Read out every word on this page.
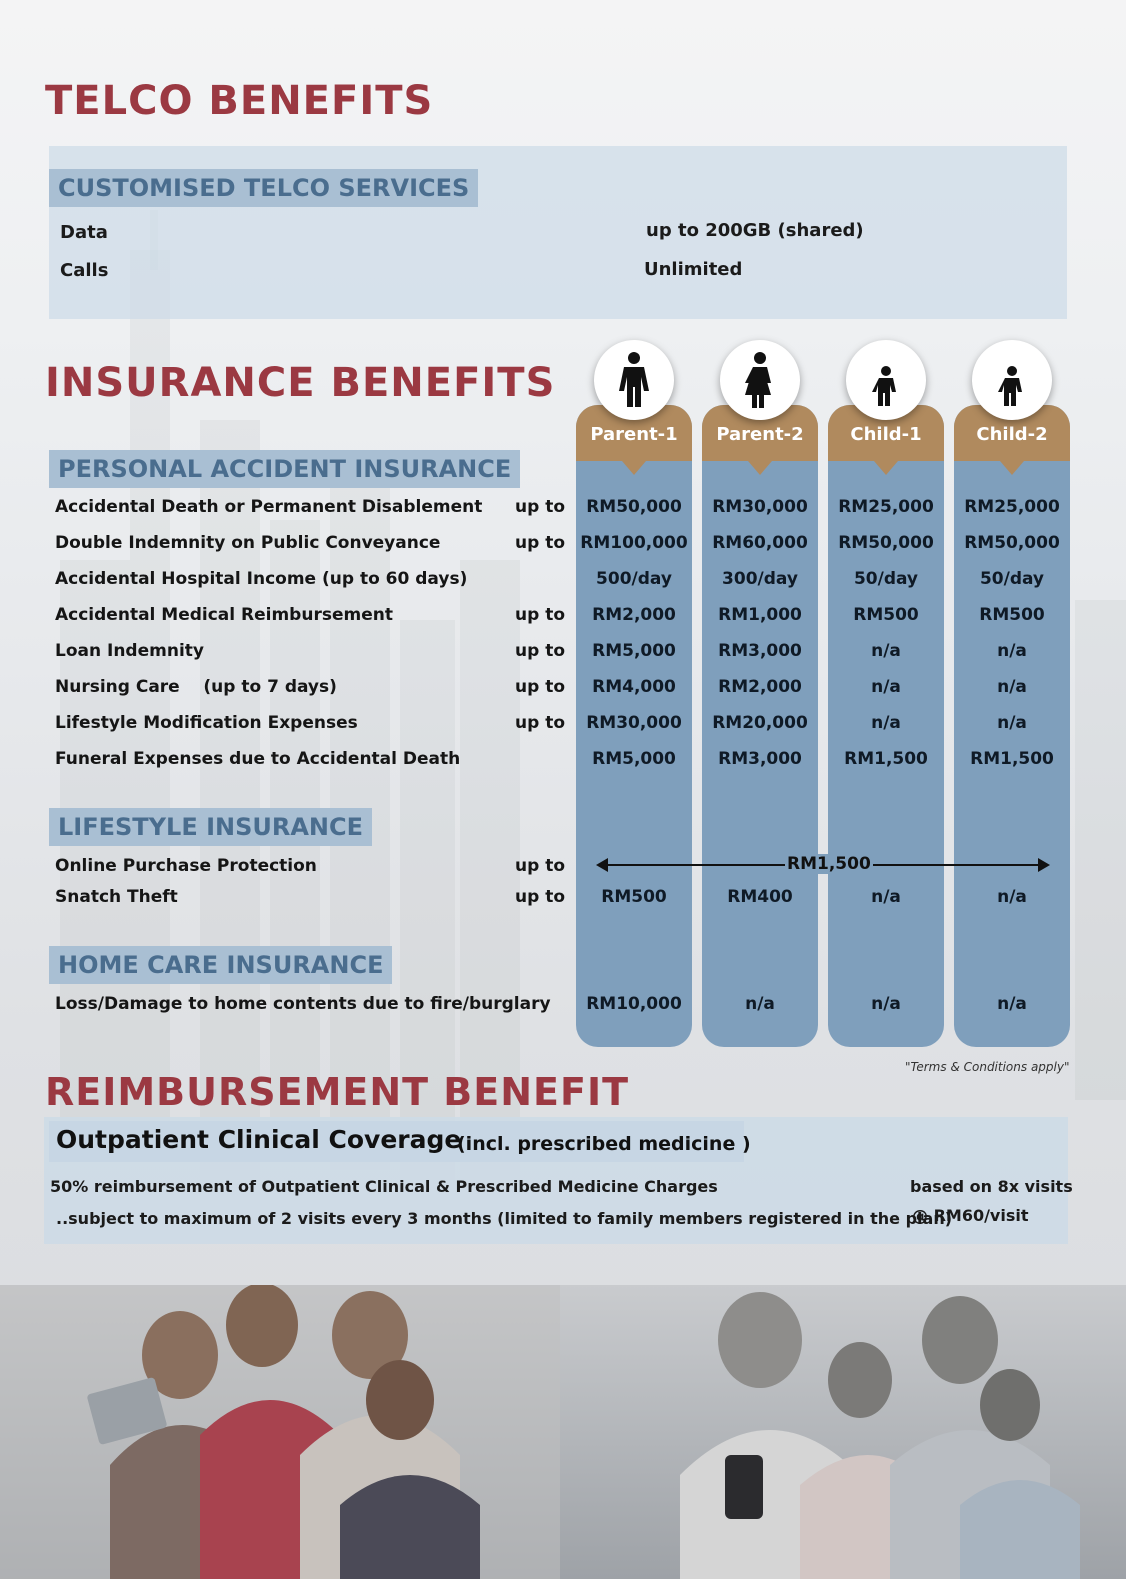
TELCO BENEFITS
CUSTOMISED TELCO SERVICES
Data	up to 200GB (shared)
Calls	Unlimited
INSURANCE BENEFITS
Parent-1	Parent-2	Child-1	Child-2
PERSONAL ACCIDENT INSURANCE
Accidental Death or Permanent Disablement up to	RM50,000	RM30,000	RM25,000	RM25,000
Double Indemnity on Public Conveyance	up to RM100,000	RM60,000	RM50,000	RM50,000
Accidental Hospital Income (up to 60 days)	500/day	300/day	50/day	50/day
Accidental Medical Reimbursement	up to	RM2,000	RM1,000	RM500	RM500
Loan Indemnity	up to	RM5,000	RM3,000	n/a	n/a
Nursing Care    (up to 7 days)	up to	RM4,000	RM2,000	n/a	n/a
Lifestyle Modification Expenses	up to	RM30,000	RM20,000	n/a	n/a
Funeral Expenses due to Accidental Death	RM5,000	RM3,000	RM1,500	RM1,500
LIFESTYLE INSURANCE
Online Purchase Protection	up to	RM1,500
Snatch Theft	up to	RM500	RM400	n/a	n/a
HOME CARE INSURANCE
Loss/Damage to home contents due to fire/burglary	RM10,000	n/a	n/a	n/a
"Terms & Conditions apply"
REIMBURSEMENT BENEFIT
Outpatient Clinical Coverage
(incl. prescribed medicine )
50% reimbursement of Outpatient Clinical & Prescribed Medicine Charges
..subject to maximum of 2 visits every 3 months (limited to family members registered in the plan)
based on 8x visits
@ RM60/visit
